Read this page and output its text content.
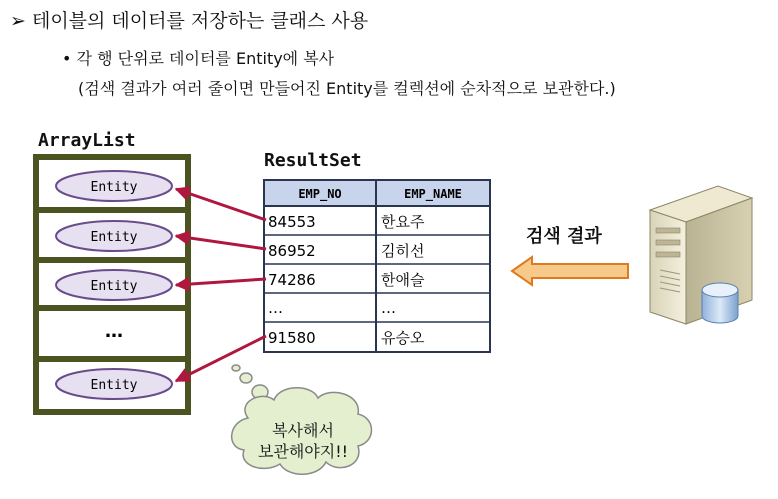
➢ 테이블의 데이터를 저장하는 클래스 사용
• 각 행 단위로 데이터를 Entity에 복사
(검색 결과가 여러 줄이면 만들어진 Entity를 컬렉션에 순차적으로 보관한다.)
ArrayList
ResultSet
검색 결과
Entity
Entity
Entity
…
Entity
EMP_NO	EMP_NAME
84553	한요주
86952	김히선
74286	한애슬
…	…
91580	유승오
복사해서
보관해야지!!
